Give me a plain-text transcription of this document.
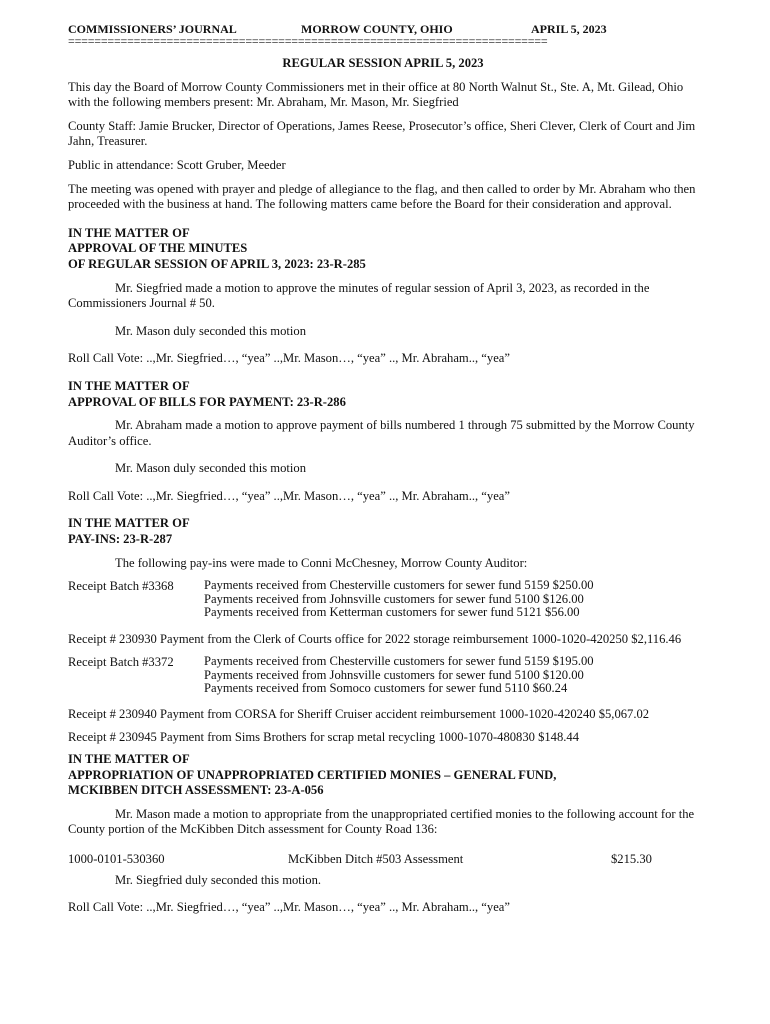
COMMISSIONERS’ JOURNAL	MORROW COUNTY, OHIO	APRIL 5, 2023
=========================================================================

REGULAR SESSION APRIL 5, 2023

This day the Board of Morrow County Commissioners met in their office at 80 North Walnut St., Ste. A, Mt. Gilead, Ohio with the following members present: Mr. Abraham, Mr. Mason, Mr. Siegfried

County Staff: Jamie Brucker, Director of Operations, James Reese, Prosecutor’s office, Sheri Clever, Clerk of Court and Jim Jahn, Treasurer.

Public in attendance: Scott Gruber, Meeder

The meeting was opened with prayer and pledge of allegiance to the flag, and then called to order by Mr. Abraham who then proceeded with the business at hand. The following matters came before the Board for their consideration and approval.

IN THE MATTER OF

APPROVAL OF THE MINUTES

OF REGULAR SESSION OF APRIL 3, 2023: 23-R-285

Mr. Siegfried made a motion to approve the minutes of regular session of April 3, 2023, as recorded in the Commissioners Journal # 50.

Mr. Mason duly seconded this motion

Roll Call Vote: ..,Mr. Siegfried…, “yea” ..,Mr. Mason…, “yea” .., Mr. Abraham.., “yea”

IN THE MATTER OF

APPROVAL OF BILLS FOR PAYMENT: 23-R-286

Mr. Abraham made a motion to approve payment of bills numbered 1 through 75 submitted by the Morrow County Auditor’s office.

Mr. Mason duly seconded this motion

Roll Call Vote: ..,Mr. Siegfried…, “yea” ..,Mr. Mason…, “yea” .., Mr. Abraham.., “yea”

IN THE MATTER OF

PAY-INS: 23-R-287

The following pay-ins were made to Conni McChesney, Morrow County Auditor:

Receipt Batch #3368	Payments received from Chesterville customers for sewer fund 5159 $250.00

Payments received from Johnsville customers for sewer fund 5100 $126.00

Payments received from Ketterman customers for sewer fund 5121 $56.00

Receipt # 230930 Payment from the Clerk of Courts office for 2022 storage reimbursement 1000-1020-420250 $2,116.46

Receipt Batch #3372	Payments received from Chesterville customers for sewer fund 5159 $195.00

Payments received from Johnsville customers for sewer fund 5100 $120.00

Payments received from Somoco customers for sewer fund 5110 $60.24

Receipt # 230940 Payment from CORSA for Sheriff Cruiser accident reimbursement 1000-1020-420240 $5,067.02

Receipt # 230945 Payment from Sims Brothers for scrap metal recycling 1000-1070-480830 $148.44

IN THE MATTER OF

APPROPRIATION OF UNAPPROPRIATED CERTIFIED MONIES – GENERAL FUND,

MCKIBBEN DITCH ASSESSMENT: 23-A-056

Mr. Mason made a motion to appropriate from the unappropriated certified monies to the following account for the County portion of the McKibben Ditch assessment for County Road 136:

1000-0101-530360	McKibben Ditch #503 Assessment	$215.30

Mr. Siegfried duly seconded this motion.

Roll Call Vote: ..,Mr. Siegfried…, “yea” ..,Mr. Mason…, “yea” .., Mr. Abraham.., “yea”
